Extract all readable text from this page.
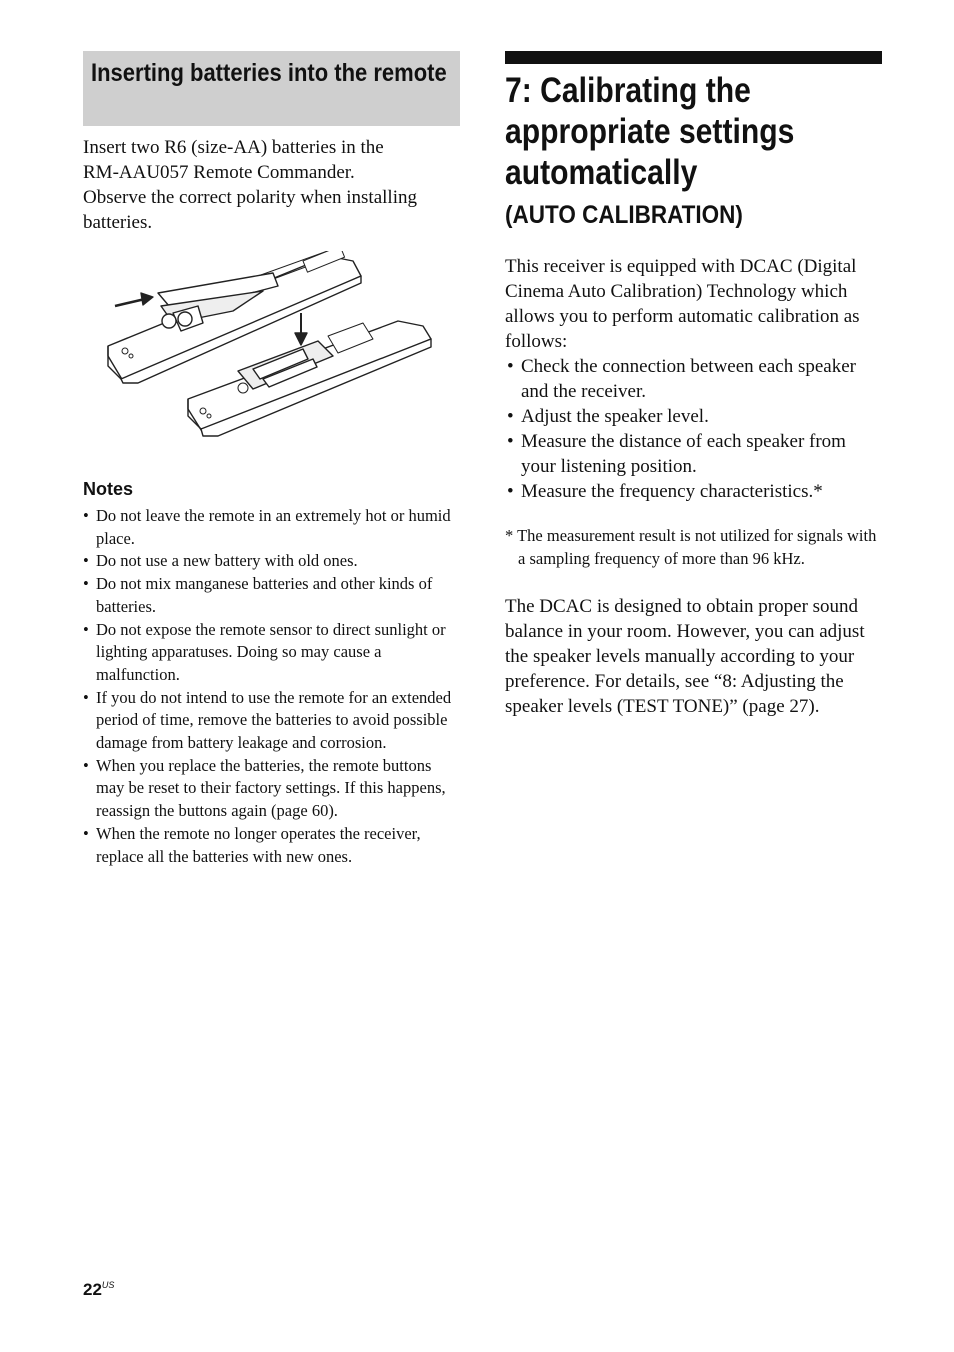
Inserting batteries into the remote

Insert two R6 (size-AA) batteries in the

RM-AAU057 Remote Commander.

Observe the correct polarity when installing

batteries.

Notes
• Do not leave the remote in an extremely hot or humid place.
• Do not use a new battery with old ones.
• Do not mix manganese batteries and other kinds of batteries.
• Do not expose the remote sensor to direct sunlight or lighting apparatuses. Doing so may cause a malfunction.
• If you do not intend to use the remote for an extended period of time, remove the batteries to avoid possible damage from battery leakage and corrosion.
• When you replace the batteries, the remote buttons may be reset to their factory settings. If this happens, reassign the buttons again (page 60).
• When the remote no longer operates the receiver, replace all the batteries with new ones.
7: Calibrating the appropriate settings automatically
(AUTO CALIBRATION)

This receiver is equipped with DCAC (Digital Cinema Auto Calibration) Technology which allows you to perform automatic calibration as follows:

• Check the connection between each speaker and the receiver.
• Adjust the speaker level.
• Measure the distance of each speaker from your listening position.
• Measure the frequency characteristics.*

* The measurement result is not utilized for signals with a sampling frequency of more than 96 kHz.

The DCAC is designed to obtain proper sound balance in your room. However, you can adjust the speaker levels manually according to your preference. For details, see “8: Adjusting the speaker levels (TEST TONE)” (page 27).

$22^{US}$
